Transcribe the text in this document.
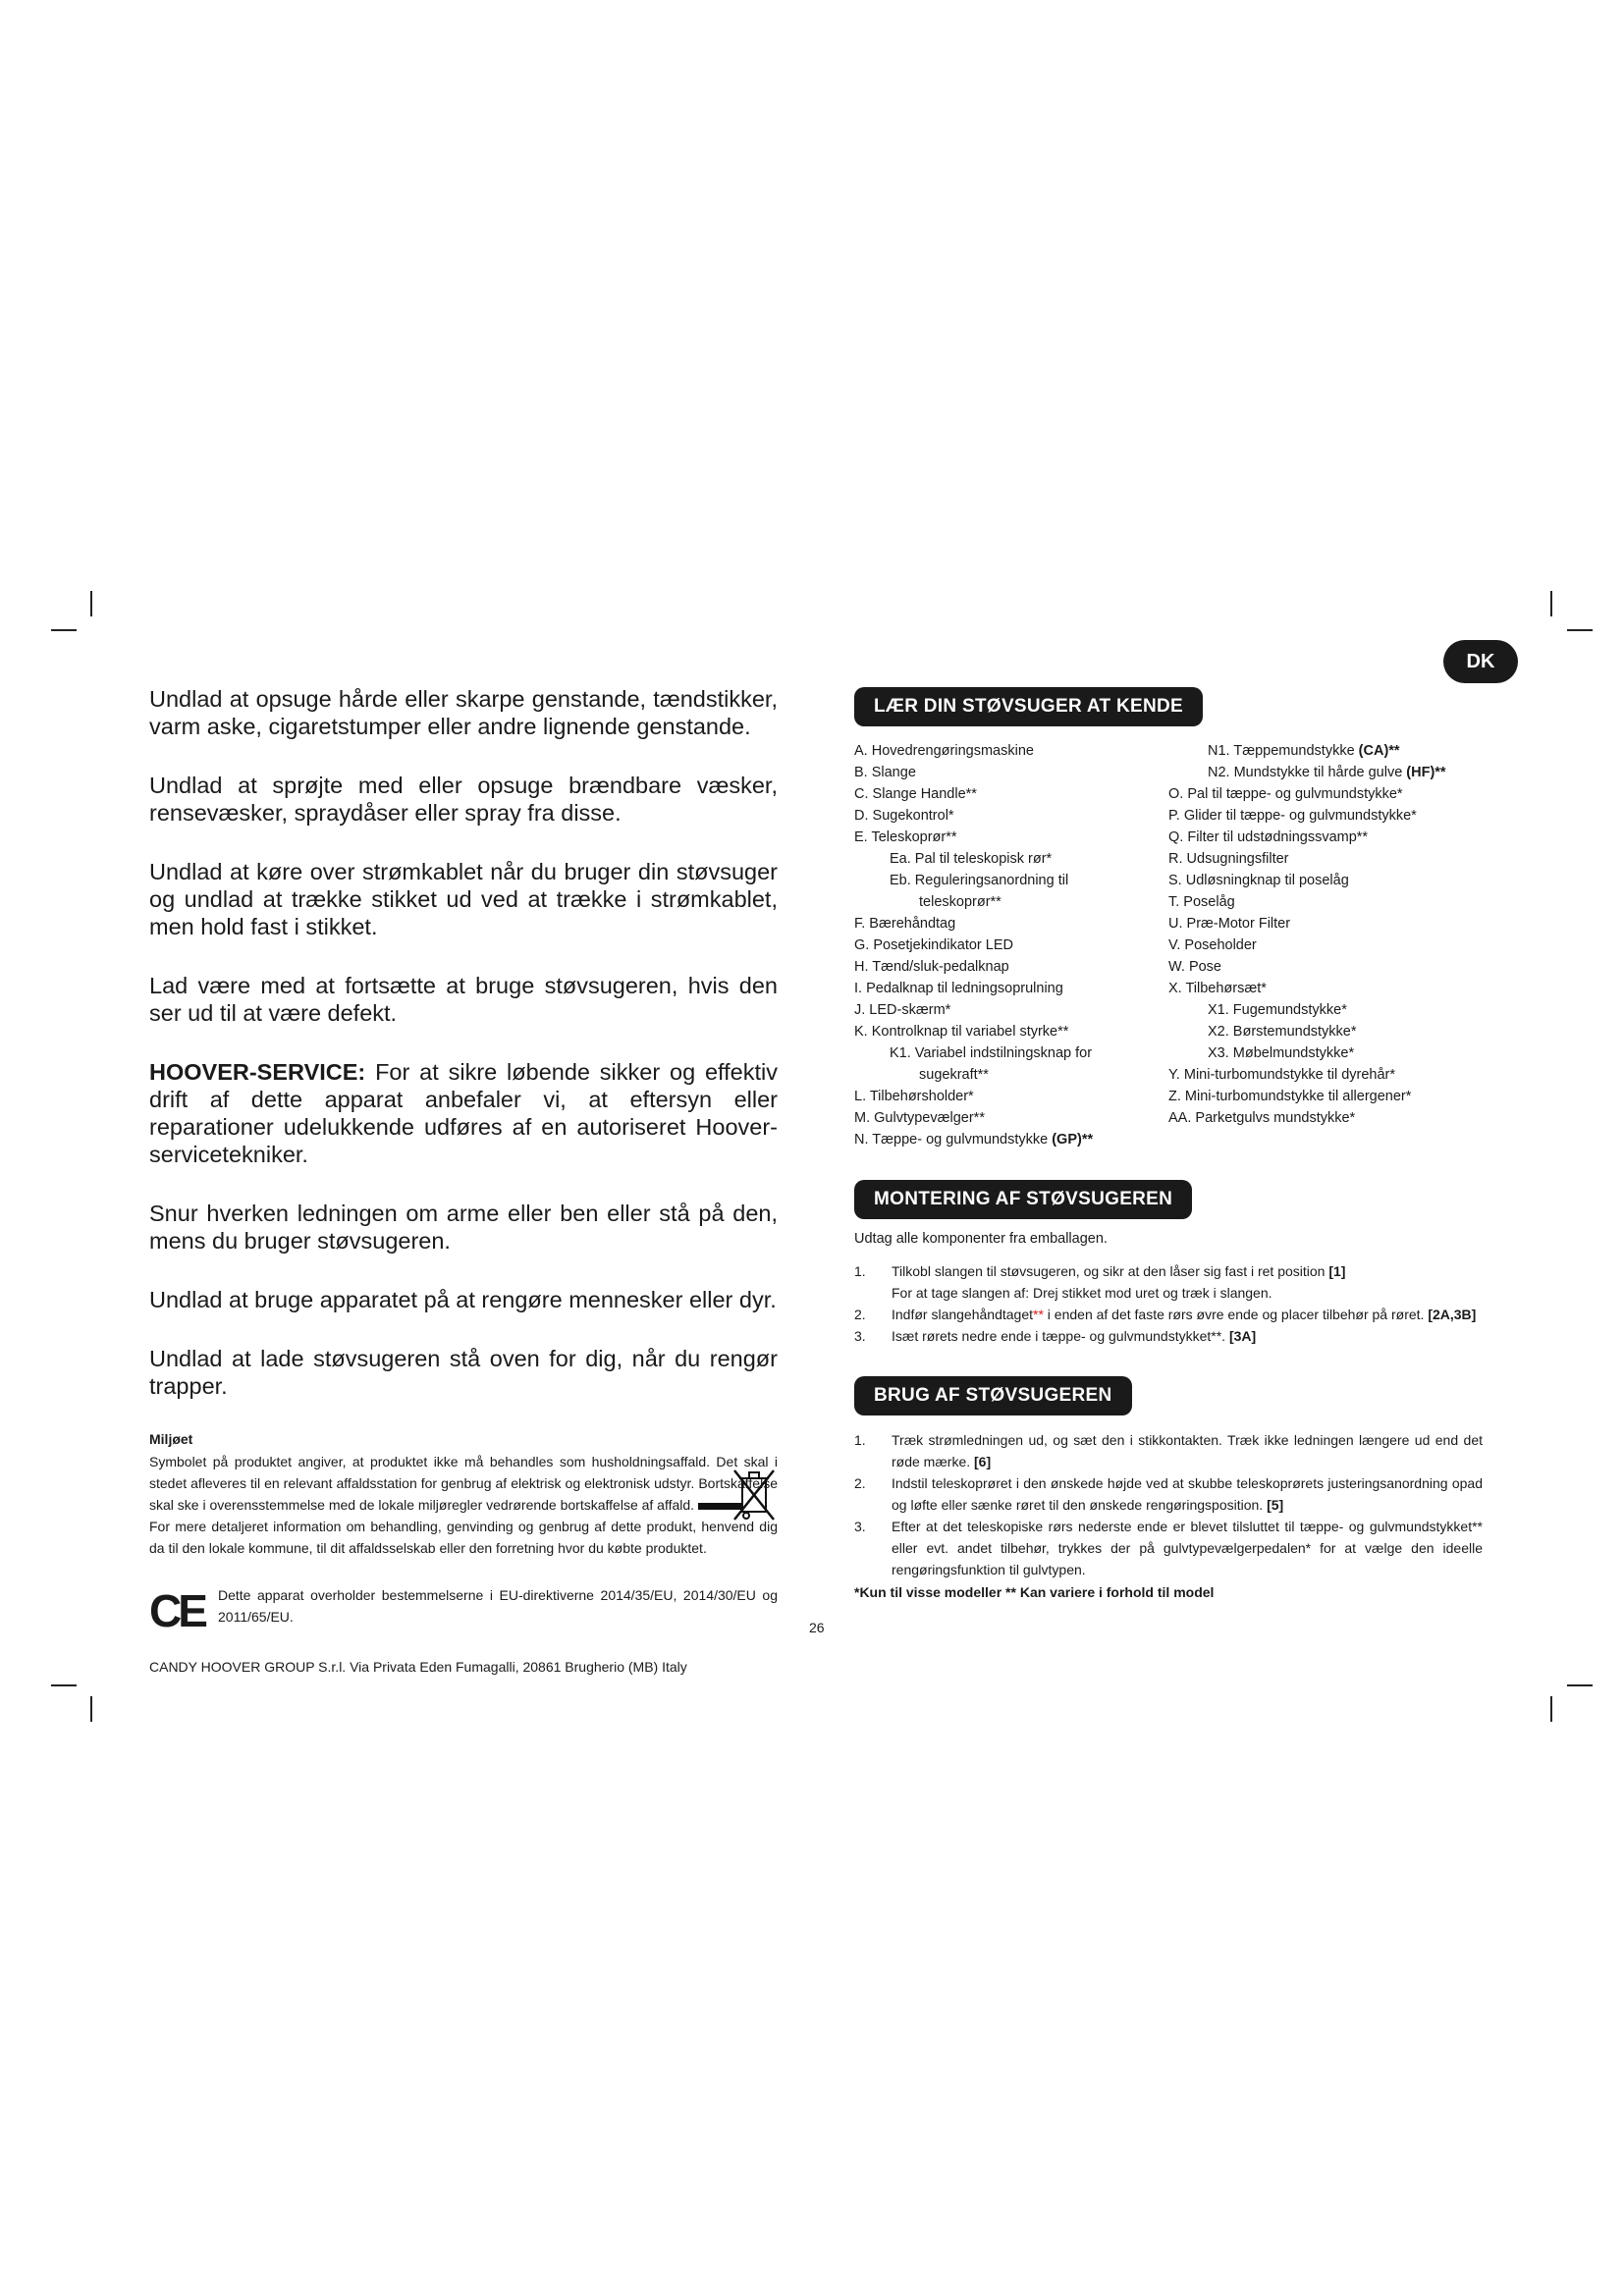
Undlad at opsuge hårde eller skarpe genstande, tændstikker, varm aske, cigaretstumper eller andre lignende genstande.

Undlad at sprøjte med eller opsuge brændbare væsker, rensevæsker, spraydåser eller spray fra disse.

Undlad at køre over strømkablet når du bruger din støvsuger og undlad at trække stikket ud ved at trække i strømkablet, men hold fast i stikket.

Lad være med at fortsætte at bruge støvsugeren, hvis den ser ud til at være defekt.

HOOVER-SERVICE: For at sikre løbende sikker og effektiv drift af dette apparat anbefaler vi, at eftersyn eller reparationer udelukkende udføres af en autoriseret Hoover-servicetekniker.

Snur hverken ledningen om arme eller ben eller stå på den, mens du bruger støvsugeren.

Undlad at bruge apparatet på at rengøre mennesker eller dyr.

Undlad at lade støvsugeren stå oven for dig, når du rengør trapper.

Miljøet
Symbolet på produktet angiver, at produktet ikke må behandles som husholdningsaffald. Det skal i stedet afleveres til en relevant affaldsstation for genbrug af elektrisk og elektronisk udstyr. Bortskaffelse skal ske i overensstemmelse med de lokale miljøregler vedrørende bortskaffelse af affald.
For mere detaljeret information om behandling, genvinding og genbrug af dette produkt, henvend dig da til den lokale kommune, til dit affaldsselskab eller den forretning hvor du købte produktet.
CE Dette apparat overholder bestemmelserne i EU-direktiverne 2014/35/EU, 2014/30/EU og 2011/65/EU.
CANDY HOOVER GROUP S.r.l. Via Privata Eden Fumagalli, 20861 Brugherio (MB) Italy
26
DK
LÆR DIN STØVSUGER AT KENDE
A. Hovedrengøringsmaskine
B. Slange
C. Slange Handle**
D. Sugekontrol*
E. Teleskoprør**
Ea. Pal til teleskopisk rør*
Eb. Reguleringsanordning til
teleskoprør**
F. Bærehåndtag
G. Posetjekindikator LED
H. Tænd/sluk-pedalknap
I. Pedalknap til ledningsoprulning
J. LED-skærm*
K. Kontrolknap til variabel styrke**
K1. Variabel indstilningsknap for
sugekraft**
L. Tilbehørsholder*
M. Gulvtypevælger**
N. Tæppe- og gulvmundstykke (GP)**
N1. Tæppemundstykke (CA)**
N2. Mundstykke til hårde gulve (HF)**
O. Pal til tæppe- og gulvmundstykke*
P. Glider til tæppe- og gulvmundstykke*
Q. Filter til udstødningssvamp**
R. Udsugningsfilter
S. Udløsningknap til poselåg
T. Poselåg
U. Præ-Motor Filter
V. Poseholder
W. Pose
X. Tilbehørsæt*
X1. Fugemundstykke*
X2. Børstemundstykke*
X3. Møbelmundstykke*
Y. Mini-turbomundstykke til dyrehår*
Z. Mini-turbomundstykke til allergener*
AA. Parketgulvs mundstykke*
MONTERING AF STØVSUGEREN
Udtag alle komponenter fra emballagen.
1.	Tilkobl slangen til støvsugeren, og sikr at den låser sig fast i ret position [1]
For at tage slangen af: Drej stikket mod uret og træk i slangen.
2.	Indfør slangehåndtaget** i enden af det faste rørs øvre ende og placer tilbehør på røret. [2A,3B]
3.	Isæt rørets nedre ende i tæppe- og gulvmundstykket**. [3A]
BRUG AF STØVSUGEREN
1.	Træk strømledningen ud, og sæt den i stikkontakten. Træk ikke ledningen længere ud end det røde mærke. [6]
2.	Indstil teleskoprøret i den ønskede højde ved at skubbe teleskoprørets justeringsanordning opad og løfte eller sænke røret til den ønskede rengøringsposition. [5]
3.	Efter at det teleskopiske rørs nederste ende er blevet tilsluttet til tæppe- og gulvmundstykket** eller evt. andet tilbehør, trykkes der på gulvtypevælgerpedalen* for at vælge den ideelle rengøringsfunktion til gulvtypen.
*Kun til visse modeller ** Kan variere i forhold til model
